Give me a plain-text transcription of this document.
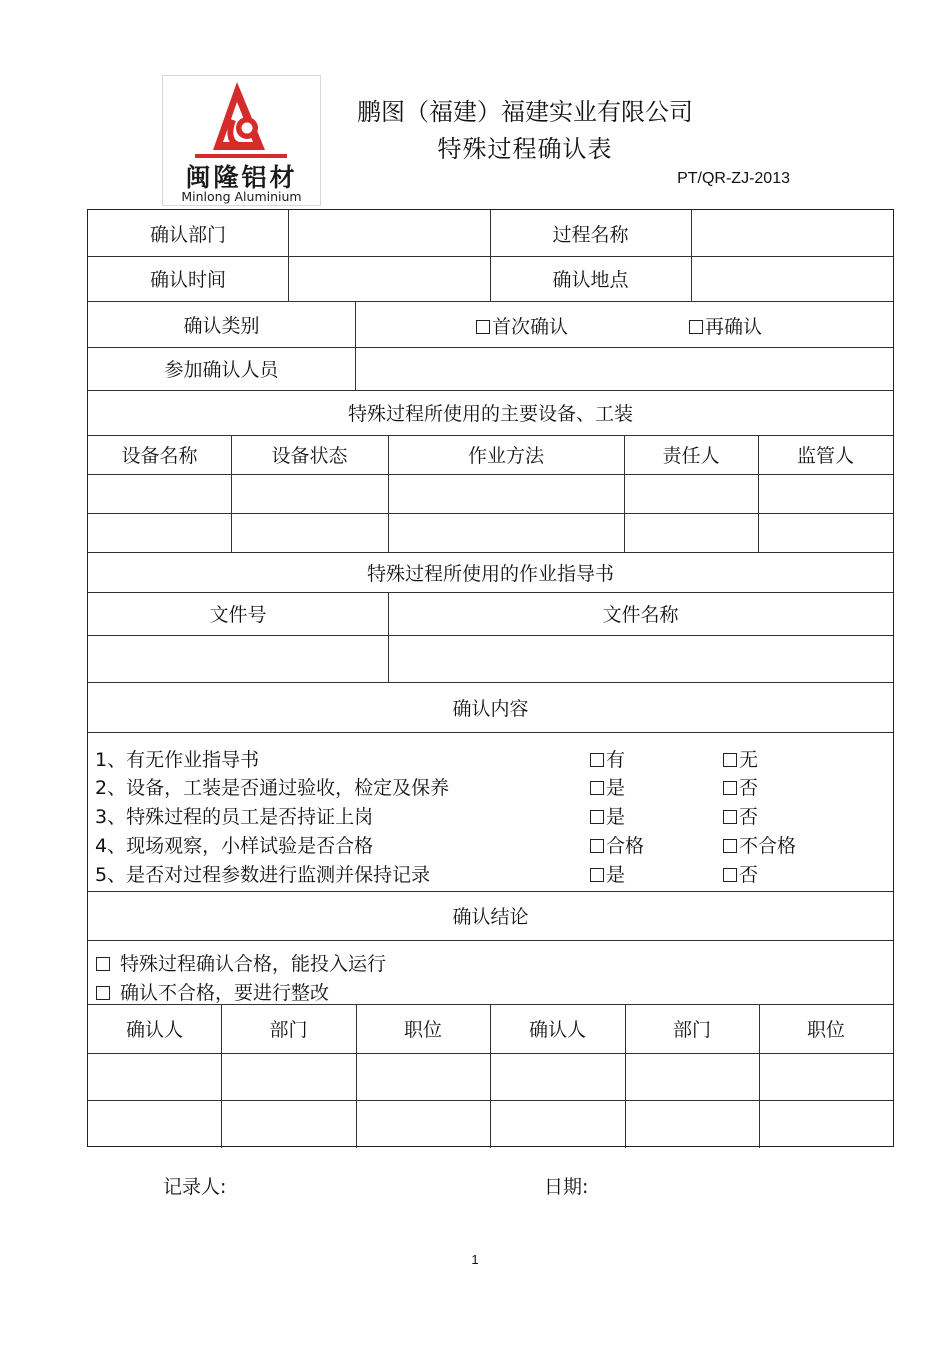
闽隆铝材
Minlong Aluminium
鹏图（福建）福建实业有限公司
特殊过程确认表
PT/QR-ZJ-2013
确认部门	过程名称
确认时间	确认地点
确认类别	首次确认	再确认
参加确认人员
特殊过程所使用的主要设备、工装
设备名称	设备状态	作业方法	责任人	监管人
特殊过程所使用的作业指导书
文件号	文件名称
确认内容
1、有无作业指导书	有	无
2、设备，工装是否通过验收，检定及保养	是	否
3、特殊过程的员工是否持证上岗	是	否
4、现场观察，小样试验是否合格	合格	不合格
5、是否对过程参数进行监测并保持记录	是	否
确认结论
特殊过程确认合格，能投入运行
确认不合格，要进行整改
确认人	部门	职位	确认人	部门	职位
记录人:	日期:
1
